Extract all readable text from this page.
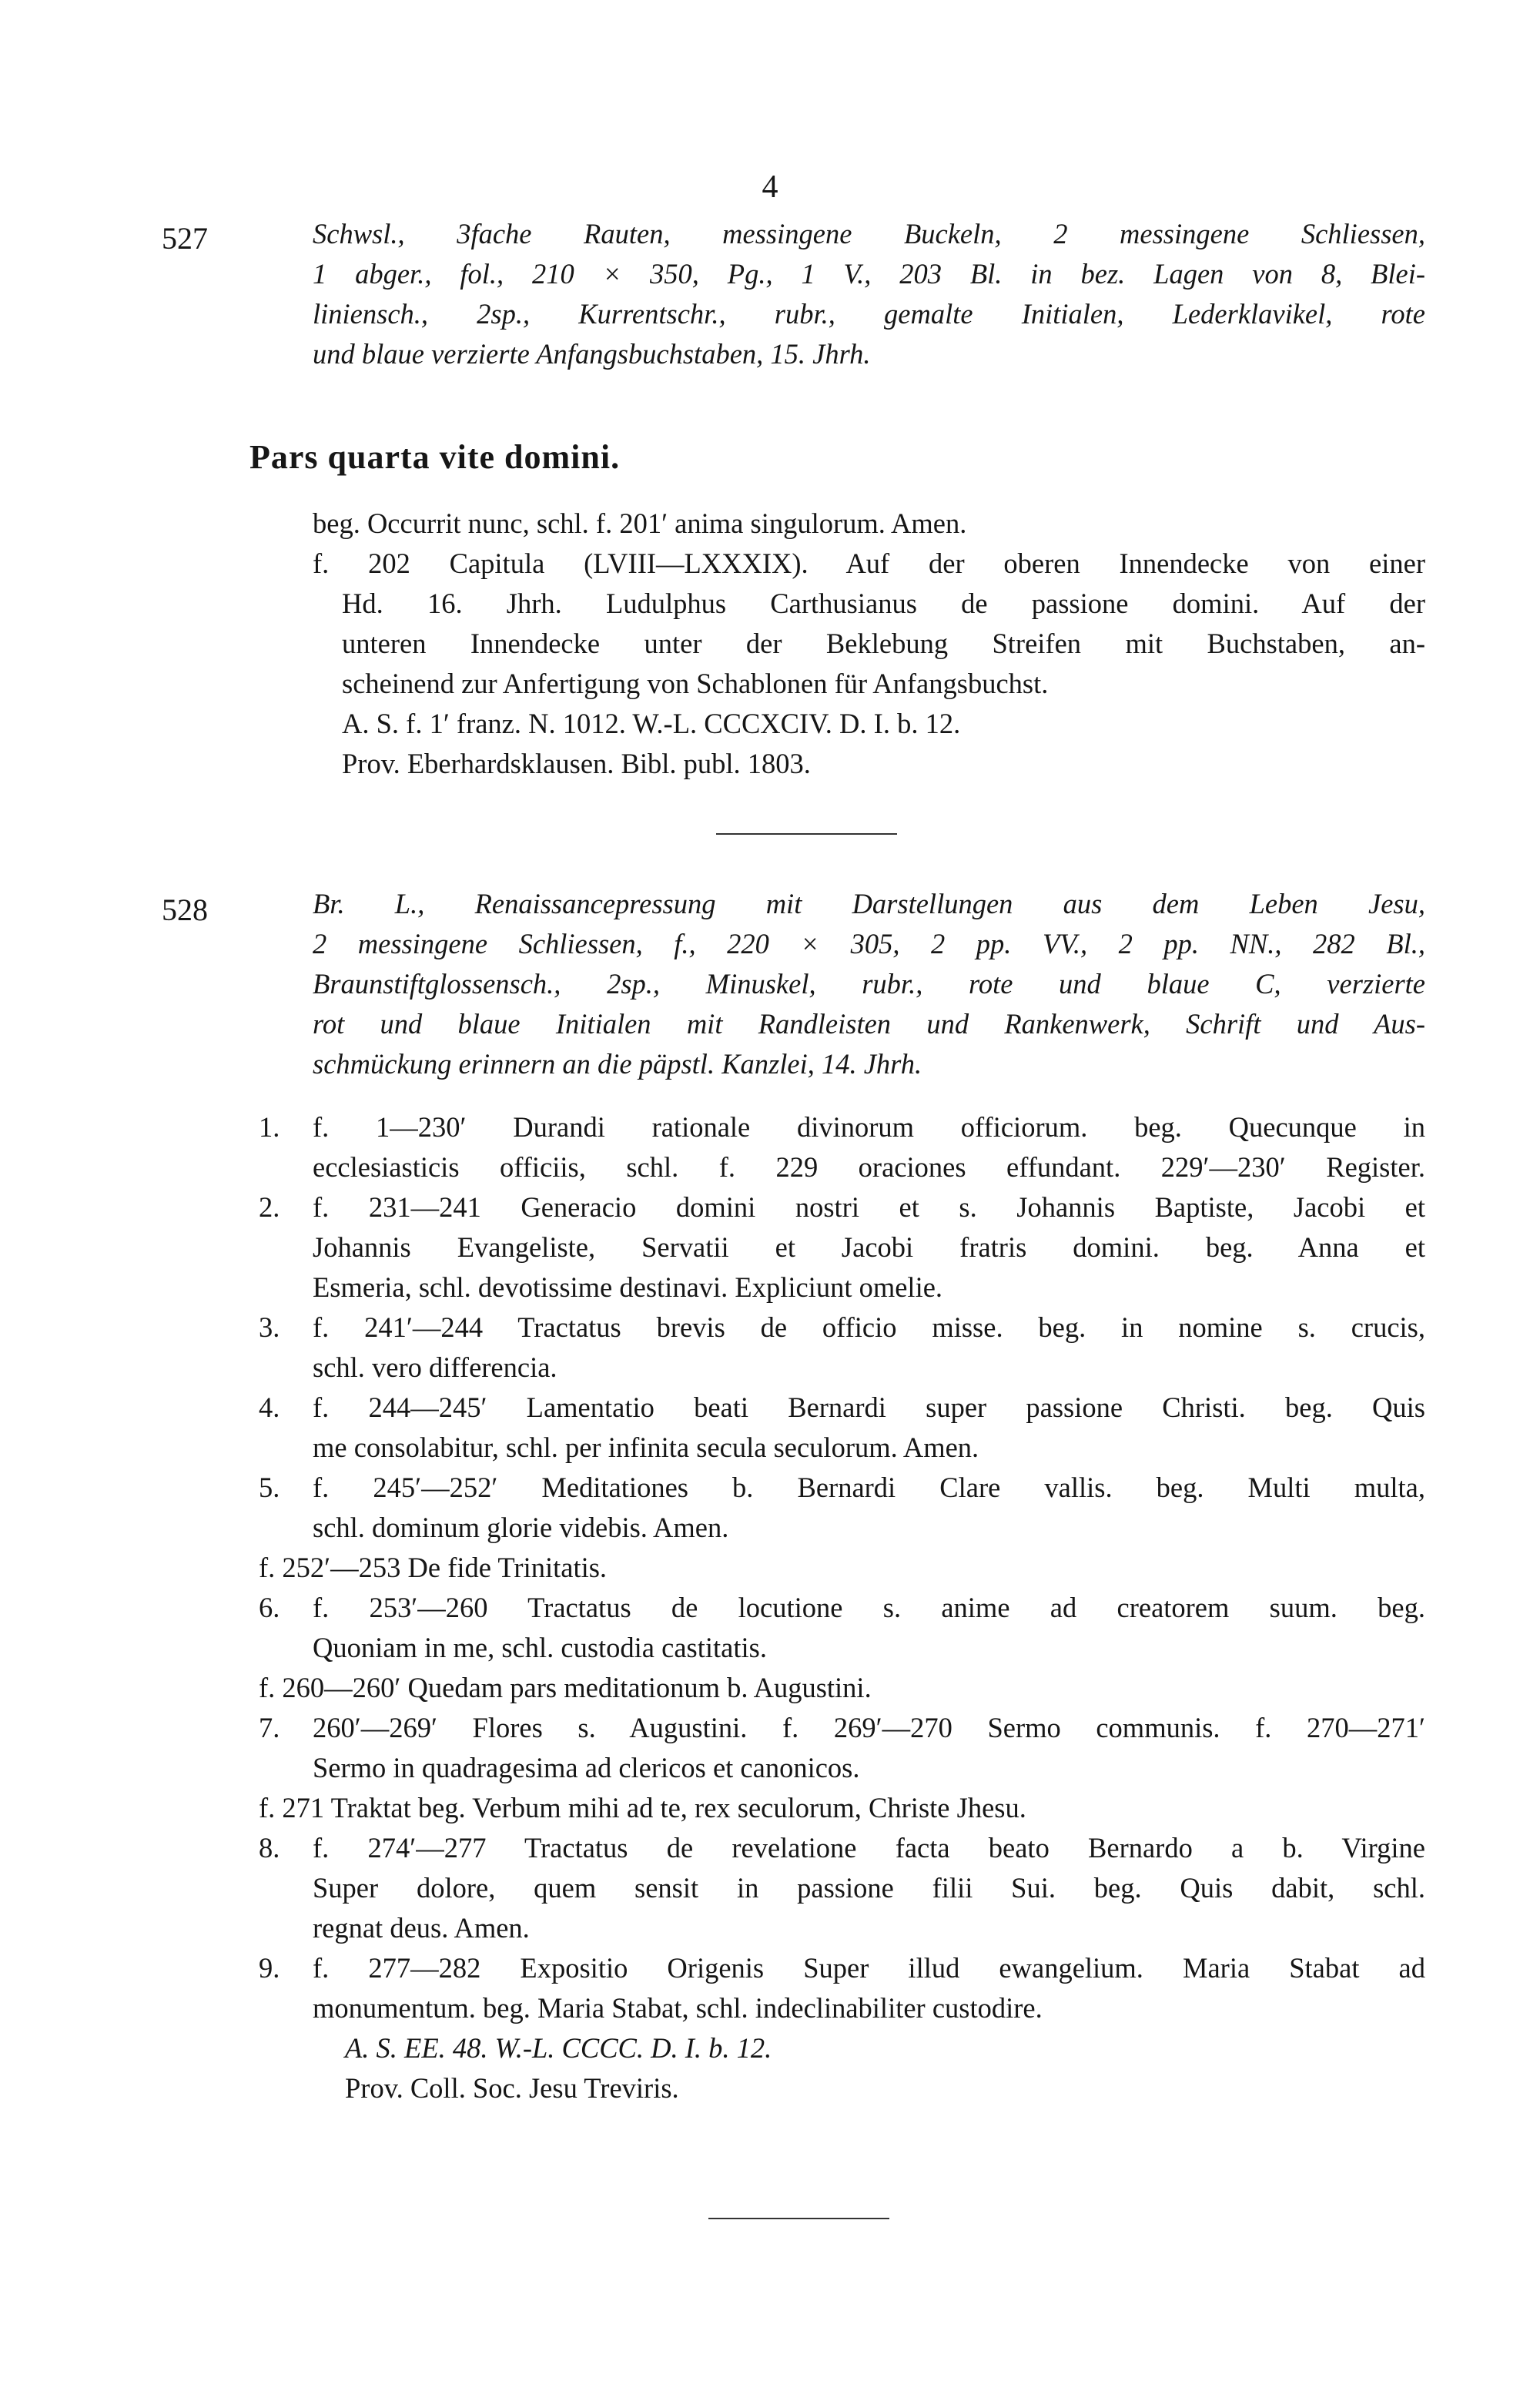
4
527	Schwsl., 3fache Rauten, messingene Buckeln, 2 messingene Schliessen,
1 abger., fol., 210 × 350, Pg., 1 V., 203 Bl. in bez. Lagen von 8, Blei-
liniensch., 2sp., Kurrentschr., rubr., gemalte Initialen, Lederklavikel, rote
und blaue verzierte Anfangsbuchstaben, 15. Jhrh.
Pars quarta vite domini.
beg. Occurrit nunc, schl. f. 201′ anima singulorum. Amen.
f. 202 Capitula (LVIII—LXXXIX). Auf der oberen Innendecke von einer
Hd. 16. Jhrh. Ludulphus Carthusianus de passione domini. Auf der
unteren Innendecke unter der Beklebung Streifen mit Buchstaben, an-
scheinend zur Anfertigung von Schablonen für Anfangsbuchst.
A. S. f. 1′ franz. N. 1012. W.-L. CCCXCIV. D. I. b. 12.
Prov. Eberhardsklausen. Bibl. publ. 1803.
528	Br. L., Renaissancepressung mit Darstellungen aus dem Leben Jesu,
2 messingene Schliessen, f., 220 × 305, 2 pp. VV., 2 pp. NN., 282 Bl.,
Braunstiftglossensch., 2sp., Minuskel, rubr., rote und blaue C, verzierte
rot und blaue Initialen mit Randleisten und Rankenwerk, Schrift und Aus-
schmückung erinnern an die päpstl. Kanzlei, 14. Jhrh.
1. f. 1—230′ Durandi rationale divinorum officiorum. beg. Quecunque in
ecclesiasticis officiis, schl. f. 229 oraciones effundant. 229′—230′ Register.
2. f. 231—241 Generacio domini nostri et s. Johannis Baptiste, Jacobi et
Johannis Evangeliste, Servatii et Jacobi fratris domini. beg. Anna et
Esmeria, schl. devotissime destinavi. Expliciunt omelie.
3. f. 241′—244 Tractatus brevis de officio misse. beg. in nomine s. crucis,
schl. vero differencia.
4. f. 244—245′ Lamentatio beati Bernardi super passione Christi. beg. Quis
me consolabitur, schl. per infinita secula seculorum. Amen.
5. f. 245′—252′ Meditationes b. Bernardi Clare vallis. beg. Multi multa,
schl. dominum glorie videbis. Amen.
f. 252′—253 De fide Trinitatis.
6. f. 253′—260 Tractatus de locutione s. anime ad creatorem suum. beg.
Quoniam in me, schl. custodia castitatis.
f. 260—260′ Quedam pars meditationum b. Augustini.
7. 260′—269′ Flores s. Augustini. f. 269′—270 Sermo communis. f. 270—271′
Sermo in quadragesima ad clericos et canonicos.
f. 271 Traktat beg. Verbum mihi ad te, rex seculorum, Christe Jhesu.
8. f. 274′—277 Tractatus de revelatione facta beato Bernardo a b. Virgine
Super dolore, quem sensit in passione filii Sui. beg. Quis dabit, schl.
regnat deus. Amen.
9. f. 277—282 Expositio Origenis Super illud ewangelium. Maria Stabat ad
monumentum. beg. Maria Stabat, schl. indeclinabiliter custodire.
A. S. EE. 48. W.-L. CCCC. D. I. b. 12.
Prov. Coll. Soc. Jesu Treviris.
